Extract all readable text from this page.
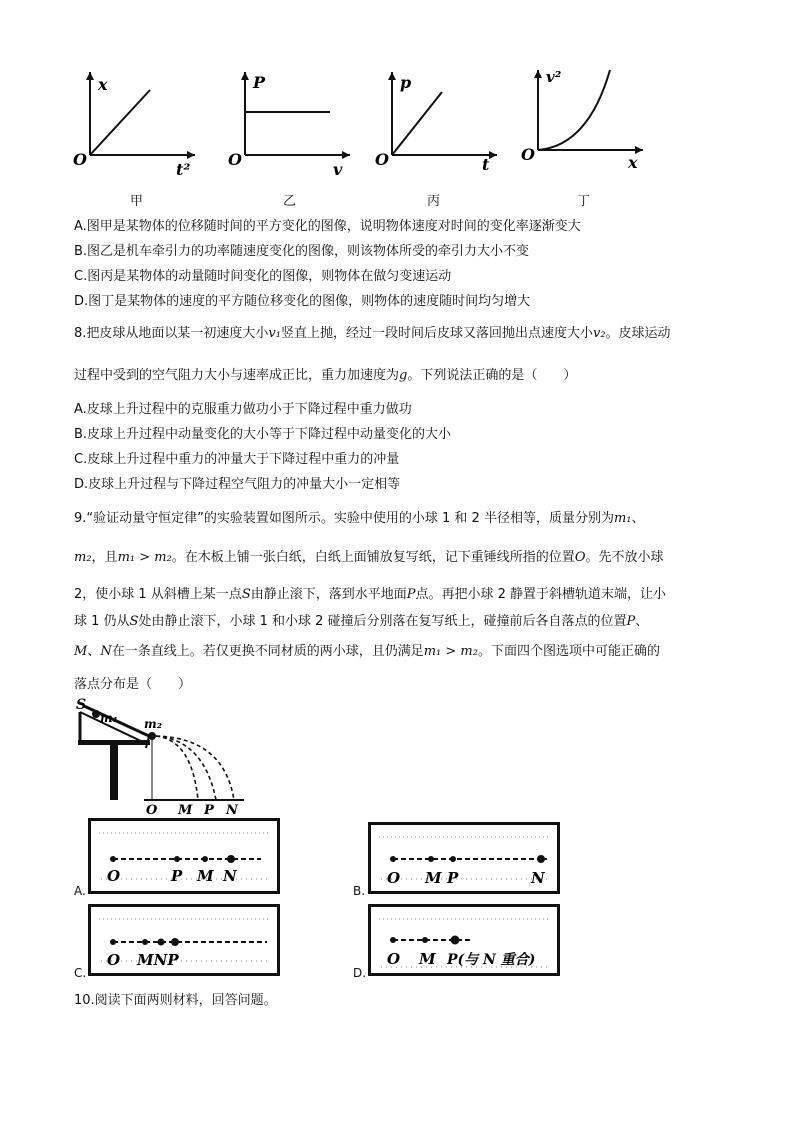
x
t²
O
P
v
O
p
t
O
v²
x
O
甲	乙	丙	丁
A.图甲是某物体的位移随时间的平方变化的图像，说明物体速度对时间的变化率逐渐变大
B.图乙是机车牵引力的功率随速度变化的图像，则该物体所受的牵引力大小不变
C.图丙是某物体的动量随时间变化的图像，则物体在做匀变速运动
D.图丁是某物体的速度的平方随位移变化的图像，则物体的速度随时间均匀增大
8.把皮球从地面以某一初速度大小v₁竖直上抛，经过一段时间后皮球又落回抛出点速度大小v₂。皮球运动
过程中受到的空气阻力大小与速率成正比，重力加速度为g。下列说法正确的是（　　）
A.皮球上升过程中的克服重力做功小于下降过程中重力做功
B.皮球上升过程中动量变化的大小等于下降过程中动量变化的大小
C.皮球上升过程中重力的冲量大于下降过程中重力的冲量
D.皮球上升过程与下降过程空气阻力的冲量大小一定相等
9.“验证动量守恒定律”的实验装置如图所示。实验中使用的小球 1 和 2 半径相等，质量分别为m₁、
m₂，且m₁ > m₂。在木板上铺一张白纸，白纸上面铺放复写纸，记下重锤线所指的位置O。先不放小球
2，使小球 1 从斜槽上某一点S由静止滚下，落到水平地面P点。再把小球 2 静置于斜槽轨道末端，让小
球 1 仍从S处由静止滚下，小球 1 和小球 2 碰撞后分别落在复写纸上，碰撞前后各自落点的位置P、
M、N在一条直线上。若仅更换不同材质的两小球，且仍满足m₁ > m₂。下面四个图选项中可能正确的
落点分布是（　　）
S
m₁ m₂
O M P N
A.
O	P M N
B.
O M P	N
C.
O MNP
D.
O M P(与 N 重合)
10.阅读下面两则材料，回答问题。
